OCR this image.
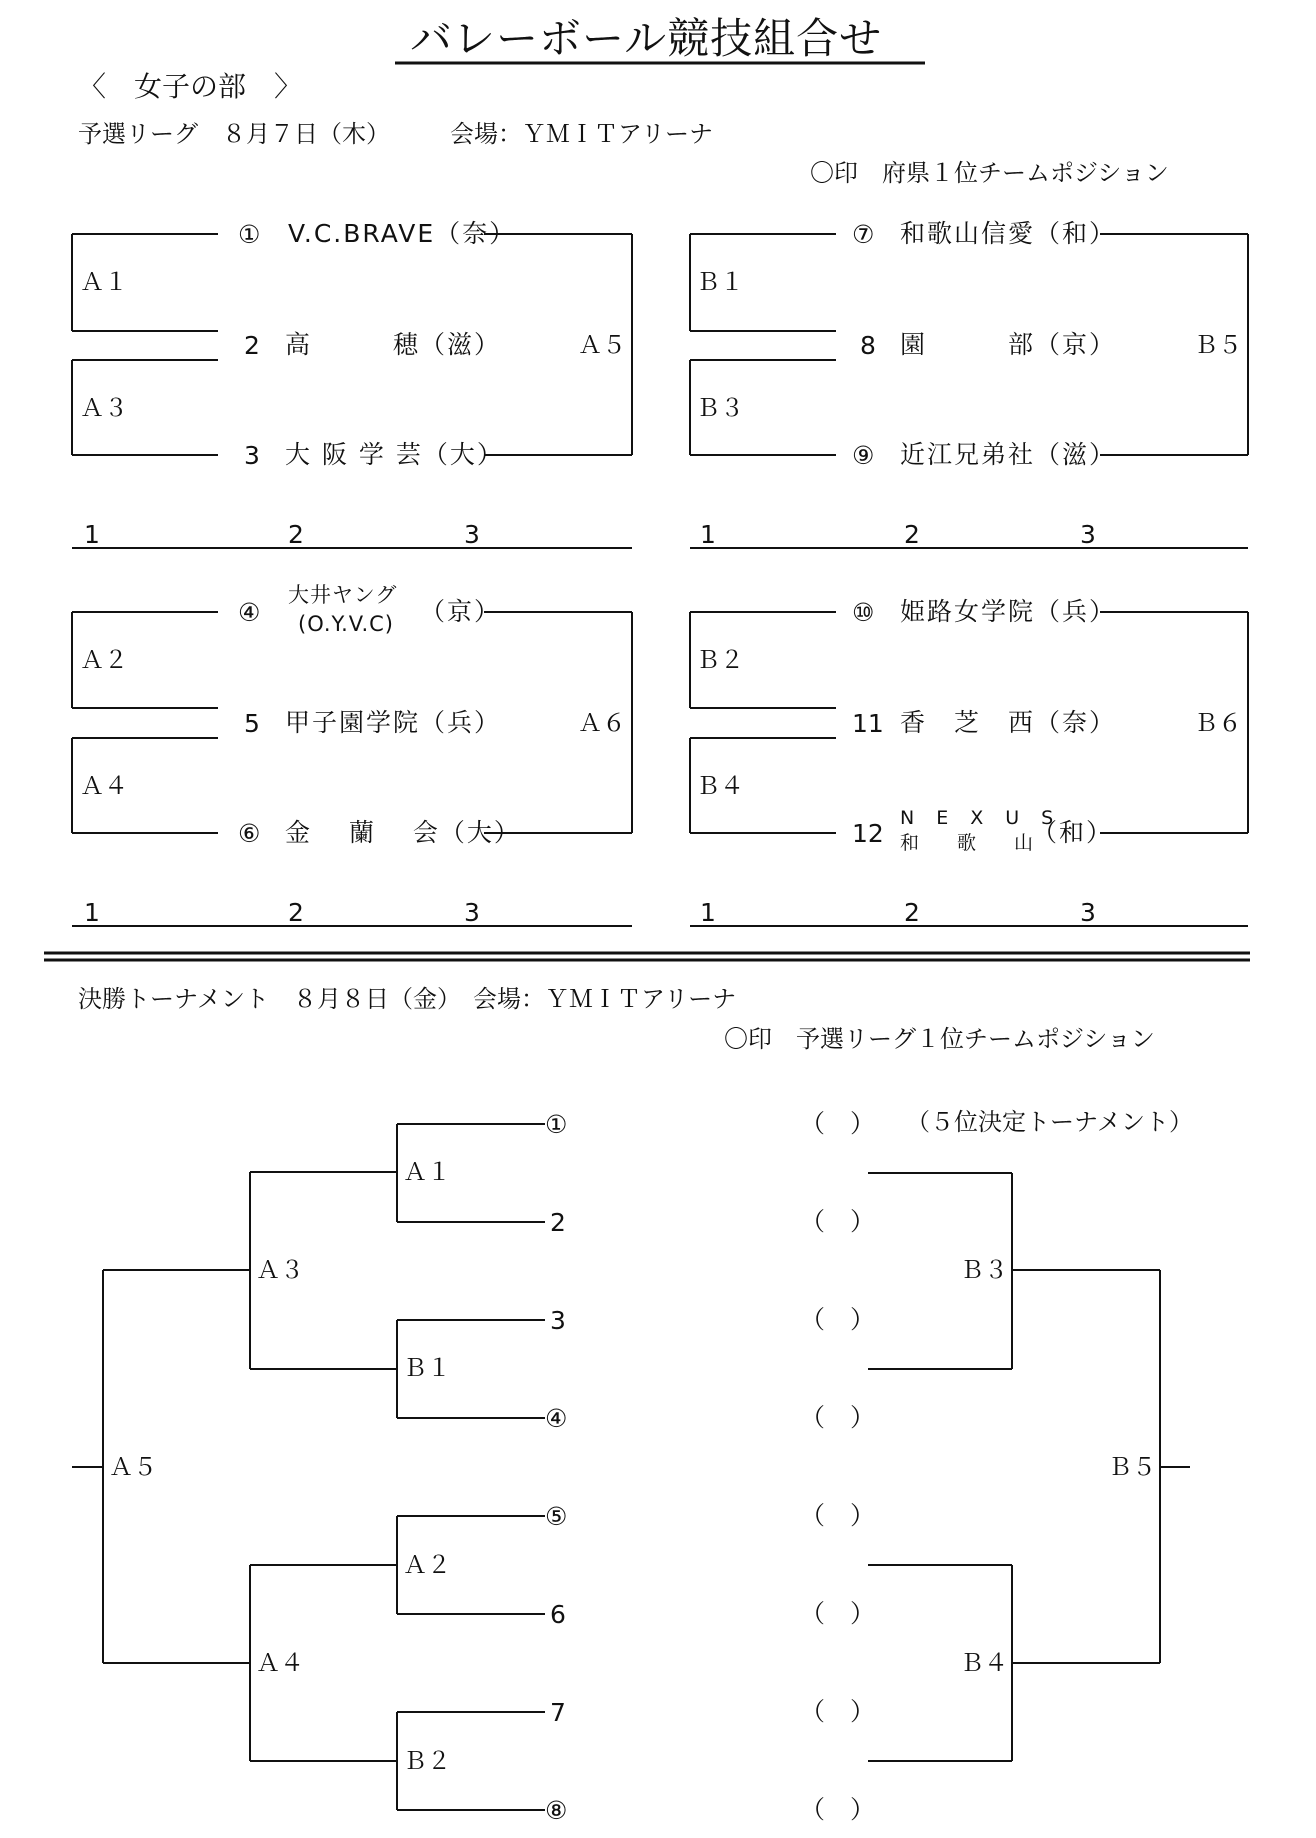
バレーボール競技組合せ
〈　女子の部　〉
予選リーグ　８月７日（木）　　　会場：ＹＭＩＴアリーナ
〇印　府県１位チームポジション
① V.C.BRAVE（奈）
2 高　　　穂（滋）
3 大 阪 学 芸（大）
Ａ１
Ａ３
Ａ５
1	2	3
⑦ 和歌山信愛（和）
8 園　　　部（京）
⑨ 近江兄弟社（滋）
Ｂ１
Ｂ３
Ｂ５
1	2	3
④
大井ヤング
(O.Y.V.C) （京）
5 甲子園学院（兵）
⑥ 金　 蘭 　会（大）
Ａ２
Ａ４
Ａ６
1	2	3
⑩ 姫路女学院（兵）
11 香　芝　西（奈）
12
NEXUS
和歌山
（和）
Ｂ２
Ｂ４
Ｂ６
1	2	3
決勝トーナメント　８月８日（金）　会場：ＹＭＩＴアリーナ
〇印　予選リーグ１位チームポジション
（５位決定トーナメント）
①
2
3
④
⑤
6
7
⑧
（　）
（　）
（　）
（　）
（　）
（　）
（　）
（　）
Ａ１
Ｂ１
Ａ２
Ｂ２
Ａ３
Ａ４
Ａ５
Ｂ３
Ｂ４
Ｂ５
